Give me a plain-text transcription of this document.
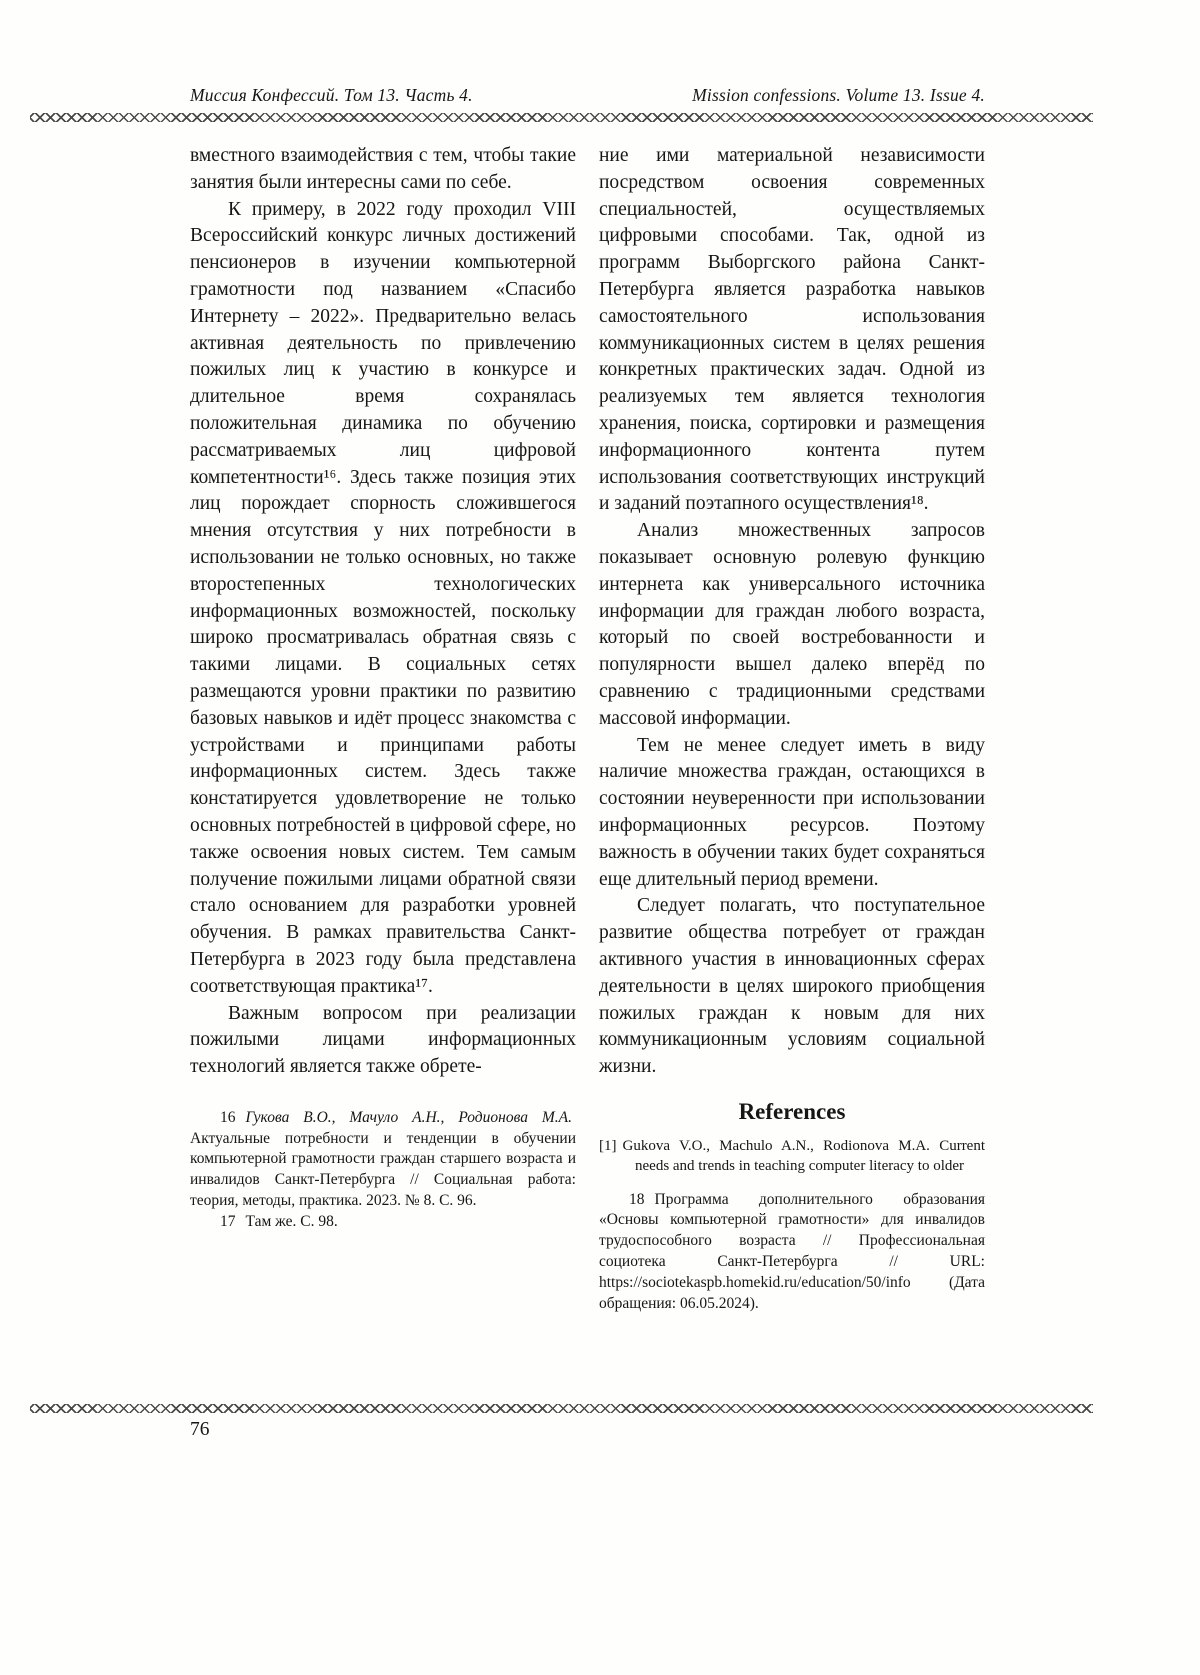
Миссия Конфессий. Том 13. Часть 4.	Mission confessions. Volume 13. Issue 4.

вместного взаимодействия с тем, чтобы такие занятия были интересны сами по себе.

К примеру, в 2022 году проходил VIII Всероссийский конкурс личных достижений пенсионеров в изучении компьютерной грамотности под названием «Спасибо Интернету – 2022». Предварительно велась активная деятельность по привлечению пожилых лиц к участию в конкурсе и длительное время сохранялась положительная динамика по обучению рассматриваемых лиц цифровой компетентности¹⁶. Здесь также позиция этих лиц порождает спорность сложившегося мнения отсутствия у них потребности в использовании не только основных, но также второстепенных технологических информационных возможностей, поскольку широко просматривалась обратная связь с такими лицами. В социальных сетях размещаются уровни практики по развитию базовых навыков и идёт процесс знакомства с устройствами и принципами работы информационных систем. Здесь также констатируется удовлетворение не только основных потребностей в цифровой сфере, но также освоения новых систем. Тем самым получение пожилыми лицами обратной связи стало основанием для разработки уровней обучения. В рамках правительства Санкт-Петербурга в 2023 году была представлена соответствующая практика¹⁷.

Важным вопросом при реализации пожилыми лицами информационных технологий является также обрете-

16 Гукова В.О., Мачуло А.Н., Родионова М.А. Актуальные потребности и тенденции в обучении компьютерной грамотности граждан старшего возраста и инвалидов Санкт-Петербурга // Социальная работа: теория, методы, практика. 2023. № 8. С. 96.

17 Там же. С. 98.

ние ими материальной независимости посредством освоения современных специальностей, осуществляемых цифровыми способами. Так, одной из программ Выборгского района Санкт-Петербурга является разработка навыков самостоятельного использования коммуникационных систем в целях решения конкретных практических задач. Одной из реализуемых тем является технология хранения, поиска, сортировки и размещения информационного контента путем использования соответствующих инструкций и заданий поэтапного осуществления¹⁸.

Анализ множественных запросов показывает основную ролевую функцию интернета как универсального источника информации для граждан любого возраста, который по своей востребованности и популярности вышел далеко вперёд по сравнению с традиционными средствами массовой информации.

Тем не менее следует иметь в виду наличие множества граждан, остающихся в состоянии неуверенности при использовании информационных ресурсов. Поэтому важность в обучении таких будет сохраняться еще длительный период времени.

Следует полагать, что поступательное развитие общества потребует от граждан активного участия в инновационных сферах деятельности в целях широкого приобщения пожилых граждан к новым для них коммуникационным условиям социальной жизни.

References

[1] Gukova V.O., Machulo A.N., Rodionova M.A. Current needs and trends in teaching computer literacy to older

18 Программа дополнительного образования «Основы компьютерной грамотности» для инвалидов трудоспособного возраста // Профессиональная социотека Санкт-Петербурга // URL: https://sociotekaspb.homekid.ru/education/50/info (Дата обращения: 06.05.2024).

76
